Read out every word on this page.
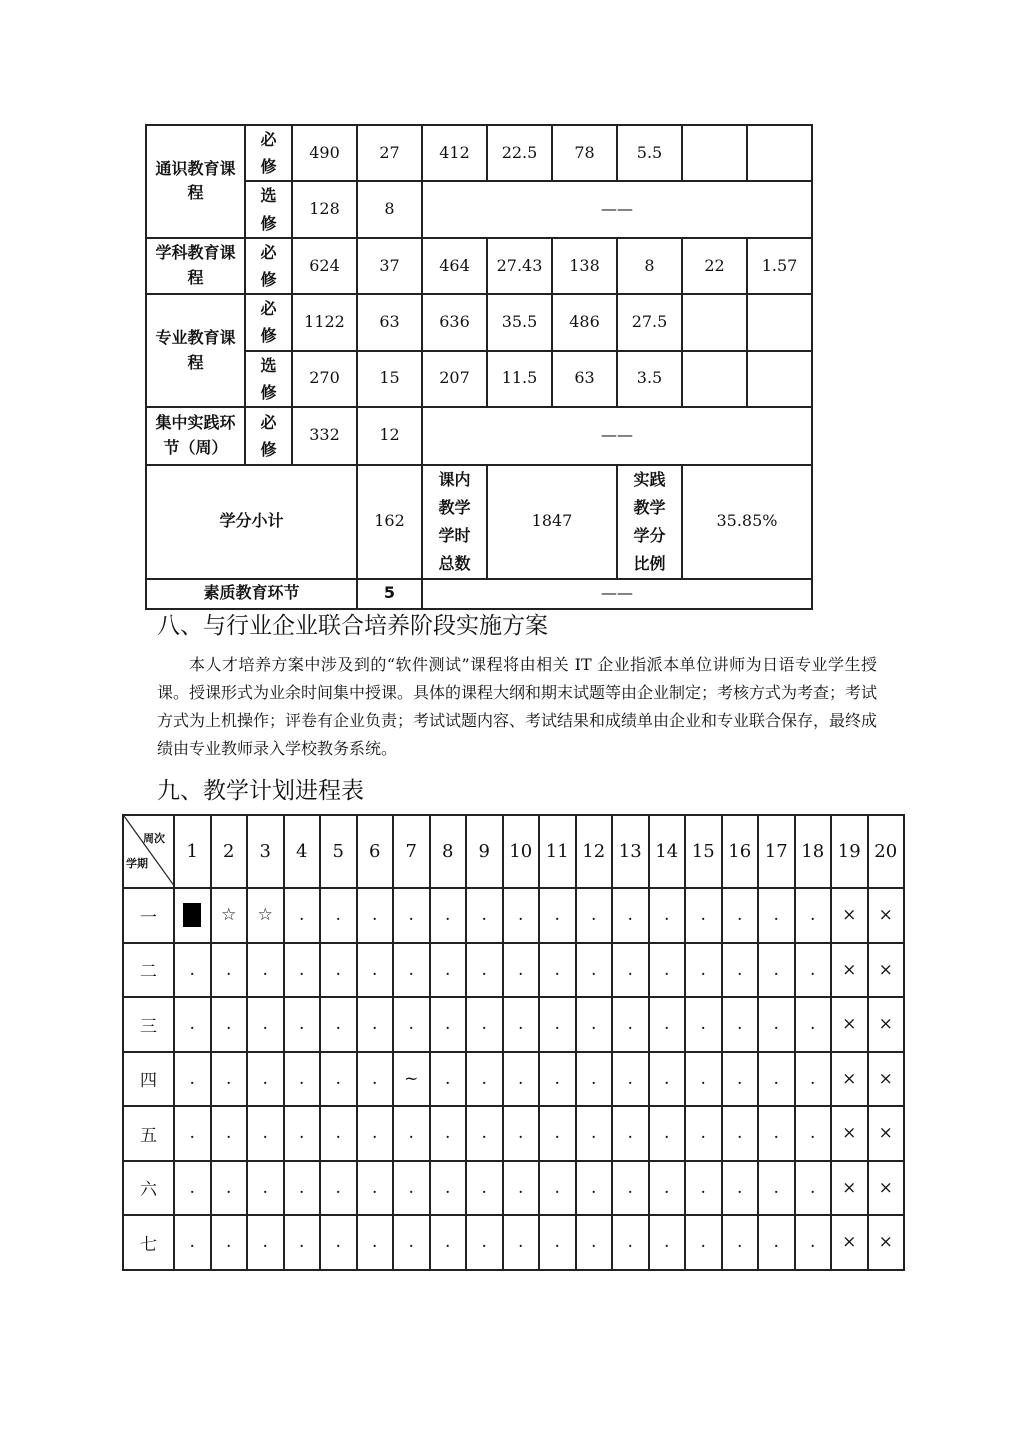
通识教育课程	必修	490	27	412	22.5	78	5.5		
	选修	128	8	——					
学科教育课程	必修	624	37	464	27.43	138	8	22	1.57
专业教育课程	必修	1122	63	636	35.5	486	27.5		
	选修	270	15	207	11.5	63	3.5		
集中实践环节（周）	必修	332	12	——					
学分小计			162	课内教学学时总数	1847		实践教学学分比例	35.85%	
素质教育环节			5	——					
八、与行业企业联合培养阶段实施方案
本人才培养方案中涉及到的“软件测试”课程将由相关 IT 企业指派本单位讲师为日语专业学生授课。授课形式为业余时间集中授课。具体的课程大纲和期末试题等由企业制定；考核方式为考查；考试方式为上机操作；评卷有企业负责；考试试题内容、考试结果和成绩单由企业和专业联合保存，最终成绩由专业教师录入学校教务系统。
九、教学计划进程表
周次
学期	1	2	3	4	5	6	7	8	9	10	11	12	13	14	15	16	17	18	19	20
一		☆	☆	.	.	.	.	.	.	.	.	.	.	.	.	.	.	.	×	×
二	.	.	.	.	.	.	.	.	.	.	.	.	.	.	.	.	.	.	×	×
三	.	.	.	.	.	.	.	.	.	.	.	.	.	.	.	.	.	.	×	×
四	.	.	.	.	.	.	~	.	.	.	.	.	.	.	.	.	.	.	×	×
五	.	.	.	.	.	.	.	.	.	.	.	.	.	.	.	.	.	.	×	×
六	.	.	.	.	.	.	.	.	.	.	.	.	.	.	.	.	.	.	×	×
七	.	.	.	.	.	.	.	.	.	.	.	.	.	.	.	.	.	.	×	×
